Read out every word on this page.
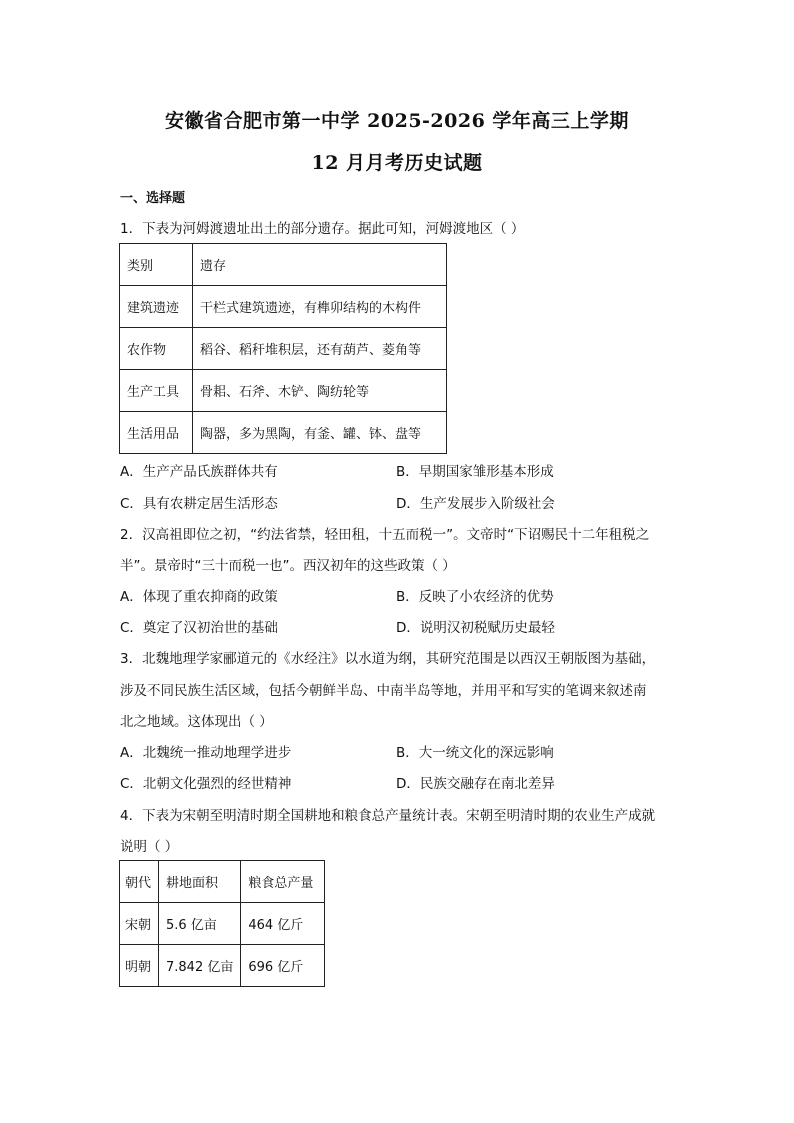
安徽省合肥市第一中学 2025-2026 学年高三上学期
12 月月考历史试题
一、选择题
1．下表为河姆渡遗址出土的部分遗存。据此可知，河姆渡地区（ ）
类别	遗存
建筑遗迹	干栏式建筑遗迹，有榫卯结构的木构件
农作物	稻谷、稻秆堆积层，还有葫芦、菱角等
生产工具	骨耜、石斧、木铲、陶纺轮等
生活用品	陶器，多为黑陶，有釜、罐、钵、盘等
A．生产产品氏族群体共有	B．早期国家雏形基本形成
C．具有农耕定居生活形态	D．生产发展步入阶级社会
2．汉高祖即位之初，“约法省禁，轻田租，十五而税一”。文帝时“下诏赐民十二年租税之
半”。景帝时“三十而税一也”。西汉初年的这些政策（ ）
A．体现了重农抑商的政策	B．反映了小农经济的优势
C．奠定了汉初治世的基础	D．说明汉初税赋历史最轻
3．北魏地理学家郦道元的《水经注》以水道为纲，其研究范围是以西汉王朝版图为基础，
涉及不同民族生活区域，包括今朝鲜半岛、中南半岛等地，并用平和写实的笔调来叙述南
北之地域。这体现出（ ）
A．北魏统一推动地理学进步	B．大一统文化的深远影响
C．北朝文化强烈的经世精神	D．民族交融存在南北差异
4．下表为宋朝至明清时期全国耕地和粮食总产量统计表。宋朝至明清时期的农业生产成就
说明（ ）
朝代	耕地面积	粮食总产量
宋朝	5.6 亿亩	464 亿斤
明朝	7.842 亿亩	696 亿斤
